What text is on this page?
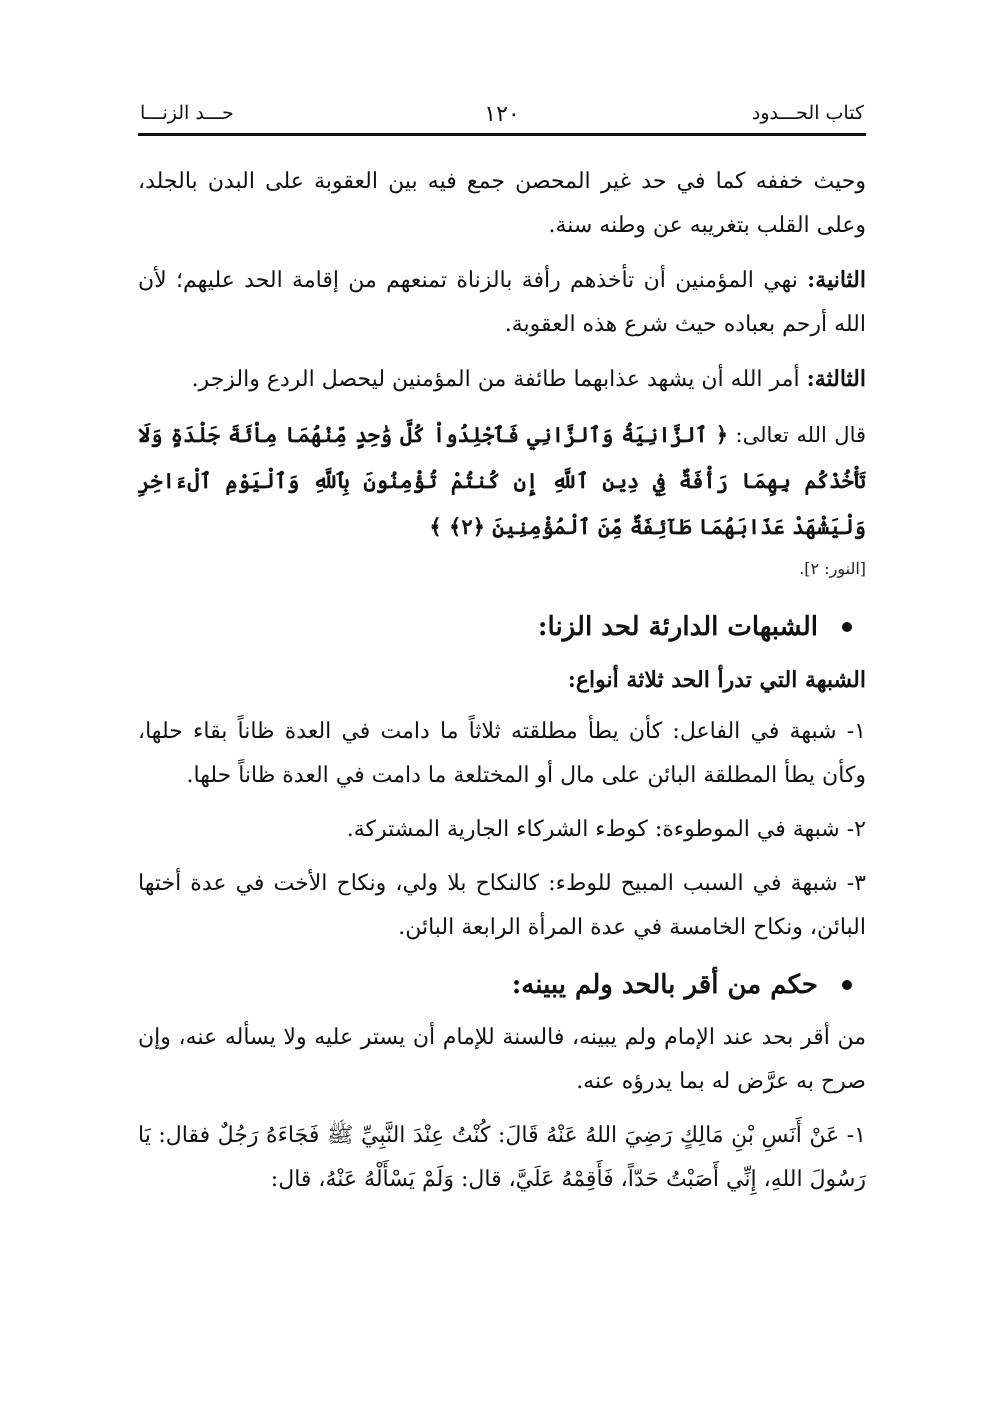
كتاب الحـــدود
١٢٠
حـــد الزنـــا

وحيث خففه كما في حد غير المحصن جمع فيه بين العقوبة على البدن بالجلد، وعلى القلب بتغريبه عن وطنه سنة.

الثانية: نهي المؤمنين أن تأخذهم رأفة بالزناة تمنعهم من إقامة الحد عليهم؛ لأن الله أرحم بعباده حيث شرع هذه العقوبة.

الثالثة: أمر الله أن يشهد عذابهما طائفة من المؤمنين ليحصل الردع والزجر.

قال الله تعالى: ﴿ ٱلزَّانِيَةُ وَٱلزَّانِي فَٱجْلِدُواْ كُلَّ وَٰحِدٍ مِّنْهُمَا مِاْئَةَ جَلْدَةٍ وَلَا تَأْخُذْكُم بِهِمَا رَأْفَةٌ فِي دِينِ ٱللَّهِ إِن كُنتُمْ تُؤْمِنُونَ بِٱللَّهِ وَٱلْيَوْمِ ٱلْءَاخِرِ وَلْيَشْهَدْ عَذَابَهُمَا طَآئِفَةٌ مِّنَ ٱلْمُؤْمِنِينَ ﴿٢﴾ ﴾

[النور: ٢].

الشبهات الدارئة لحد الزنا:

الشبهة التي تدرأ الحد ثلاثة أنواع:

١- شبهة في الفاعل: كأن يطأ مطلقته ثلاثاً ما دامت في العدة ظاناً بقاء حلها، وكأن يطأ المطلقة البائن على مال أو المختلعة ما دامت في العدة ظاناً حلها.

٢- شبهة في الموطوءة: كوطء الشركاء الجارية المشتركة.

٣- شبهة في السبب المبيح للوطء: كالنكاح بلا ولي، ونكاح الأخت في عدة أختها البائن، ونكاح الخامسة في عدة المرأة الرابعة البائن.

حكم من أقر بالحد ولم يبينه:

من أقر بحد عند الإمام ولم يبينه، فالسنة للإمام أن يستر عليه ولا يسأله عنه، وإن صرح به عرَّض له بما يدرؤه عنه.

١- عَنْ أَنَسِ بْنِ مَالِكٍ رَضِيَ اللهُ عَنْهُ قَالَ: كُنْتُ عِنْدَ النَّبِيِّ ﷺ فَجَاءَهُ رَجُلٌ فقال: يَا رَسُولَ اللهِ، إِنِّي أَصَبْتُ حَدّاً، فَأَقِمْهُ عَلَيَّ، قال: وَلَمْ يَسْأَلْهُ عَنْهُ، قال:
